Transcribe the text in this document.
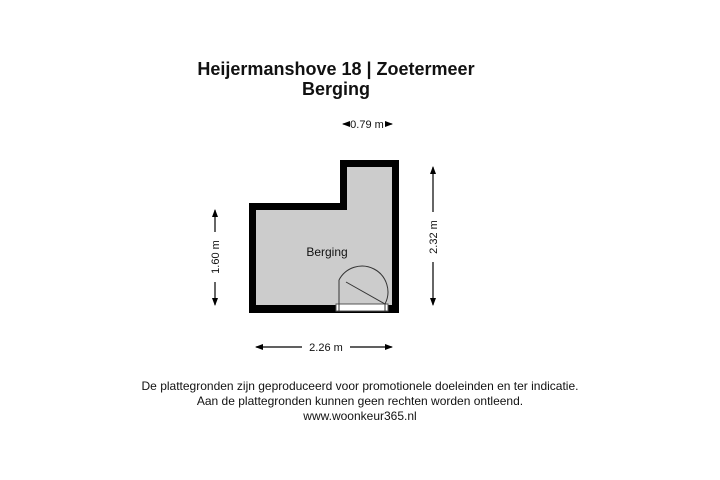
Heijermanshove 18 | Zoetermeer
Berging
Berging
0.79 m
2.26 m
1.60 m
2.32 m
De plattegronden zijn geproduceerd voor promotionele doeleinden en ter indicatie.
Aan de plattegronden kunnen geen rechten worden ontleend.
www.woonkeur365.nl
